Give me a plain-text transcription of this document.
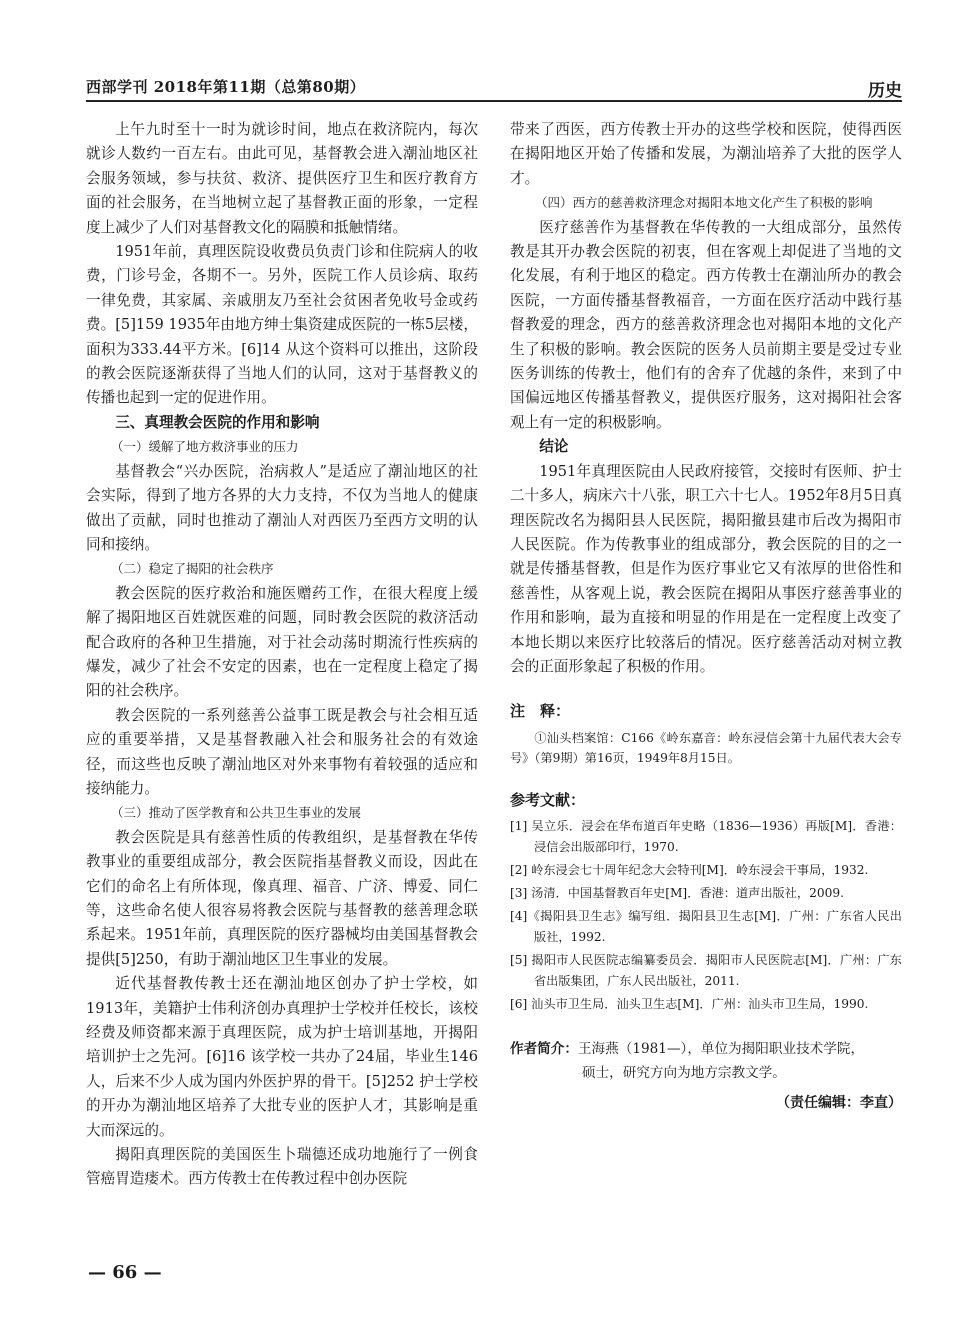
西部学刊 2018年第11期（总第80期）	历史

上午九时至十一时为就诊时间，地点在救济院内，每次就诊人数约一百左右。由此可见，基督教会进入潮汕地区社会服务领域，参与扶贫、救济、提供医疗卫生和医疗教育方面的社会服务，在当地树立起了基督教正面的形象，一定程度上减少了人们对基督教文化的隔膜和抵触情绪。

1951年前，真理医院设收费员负责门诊和住院病人的收费，门诊号金，各期不一。另外，医院工作人员诊病、取药一律免费，其家属、亲戚朋友乃至社会贫困者免收号金或药费。[5]159 1935年由地方绅士集资建成医院的一栋5层楼，面积为333.44平方米。[6]14 从这个资料可以推出，这阶段的教会医院逐渐获得了当地人们的认同，这对于基督教义的传播也起到一定的促进作用。

三、真理教会医院的作用和影响

（一）缓解了地方救济事业的压力

基督教会“兴办医院，治病救人”是适应了潮汕地区的社会实际，得到了地方各界的大力支持，不仅为当地人的健康做出了贡献，同时也推动了潮汕人对西医乃至西方文明的认同和接纳。

（二）稳定了揭阳的社会秩序

教会医院的医疗救治和施医赠药工作，在很大程度上缓解了揭阳地区百姓就医难的问题，同时教会医院的救济活动配合政府的各种卫生措施，对于社会动荡时期流行性疾病的爆发，减少了社会不安定的因素，也在一定程度上稳定了揭阳的社会秩序。

教会医院的一系列慈善公益事工既是教会与社会相互适应的重要举措，又是基督教融入社会和服务社会的有效途径，而这些也反映了潮汕地区对外来事物有着较强的适应和接纳能力。

（三）推动了医学教育和公共卫生事业的发展

教会医院是具有慈善性质的传教组织，是基督教在华传教事业的重要组成部分，教会医院指基督教义而设，因此在它们的命名上有所体现，像真理、福音、广济、博爱、同仁等，这些命名使人很容易将教会医院与基督教的慈善理念联系起来。1951年前，真理医院的医疗器械均由美国基督教会提供[5]250，有助于潮汕地区卫生事业的发展。

近代基督教传教士还在潮汕地区创办了护士学校，如1913年，美籍护士伟利济创办真理护士学校并任校长，该校经费及师资都来源于真理医院，成为护士培训基地，开揭阳培训护士之先河。[6]16 该学校一共办了24届，毕业生146人，后来不少人成为国内外医护界的骨干。[5]252 护士学校的开办为潮汕地区培养了大批专业的医护人才，其影响是重大而深远的。

揭阳真理医院的美国医生卜瑞德还成功地施行了一例食管癌胃造瘘术。西方传教士在传教过程中创办医院

带来了西医，西方传教士开办的这些学校和医院，使得西医在揭阳地区开始了传播和发展，为潮汕培养了大批的医学人才。

（四）西方的慈善救济理念对揭阳本地文化产生了积极的影响

医疗慈善作为基督教在华传教的一大组成部分，虽然传教是其开办教会医院的初衷，但在客观上却促进了当地的文化发展，有利于地区的稳定。西方传教士在潮汕所办的教会医院，一方面传播基督教福音，一方面在医疗活动中践行基督教爱的理念，西方的慈善救济理念也对揭阳本地的文化产生了积极的影响。教会医院的医务人员前期主要是受过专业医务训练的传教士，他们有的舍弃了优越的条件，来到了中国偏远地区传播基督教义，提供医疗服务，这对揭阳社会客观上有一定的积极影响。

结论

1951年真理医院由人民政府接管，交接时有医师、护士二十多人，病床六十八张，职工六十七人。1952年8月5日真理医院改名为揭阳县人民医院，揭阳撤县建市后改为揭阳市人民医院。作为传教事业的组成部分，教会医院的目的之一就是传播基督教，但是作为医疗事业它又有浓厚的世俗性和慈善性，从客观上说，教会医院在揭阳从事医疗慈善事业的作用和影响，最为直接和明显的作用是在一定程度上改变了本地长期以来医疗比较落后的情况。医疗慈善活动对树立教会的正面形象起了积极的作用。

注　释：

①汕头档案馆：C166《岭东嘉音：岭东浸信会第十九届代表大会专号》（第9期）第16页，1949年8月15日。

参考文献：
[1] 吴立乐．浸会在华布道百年史略（1836—1936）再版[M]．香港：浸信会出版部印行，1970.
[2] 岭东浸会七十周年纪念大会特刊[M]．岭东浸会干事局，1932.
[3] 汤清．中国基督教百年史[M]．香港：道声出版社，2009.
[4]《揭阳县卫生志》编写组．揭阳县卫生志[M]．广州：广东省人民出版社，1992.
[5] 揭阳市人民医院志编纂委员会．揭阳市人民医院志[M]．广州：广东省出版集团，广东人民出版社，2011.
[6] 汕头市卫生局．汕头卫生志[M]．广州：汕头市卫生局，1990.
作者简介：王海燕（1981—），单位为揭阳职业技术学院，
硕士，研究方向为地方宗教文学。
（责任编辑：李直）
— 66 —
